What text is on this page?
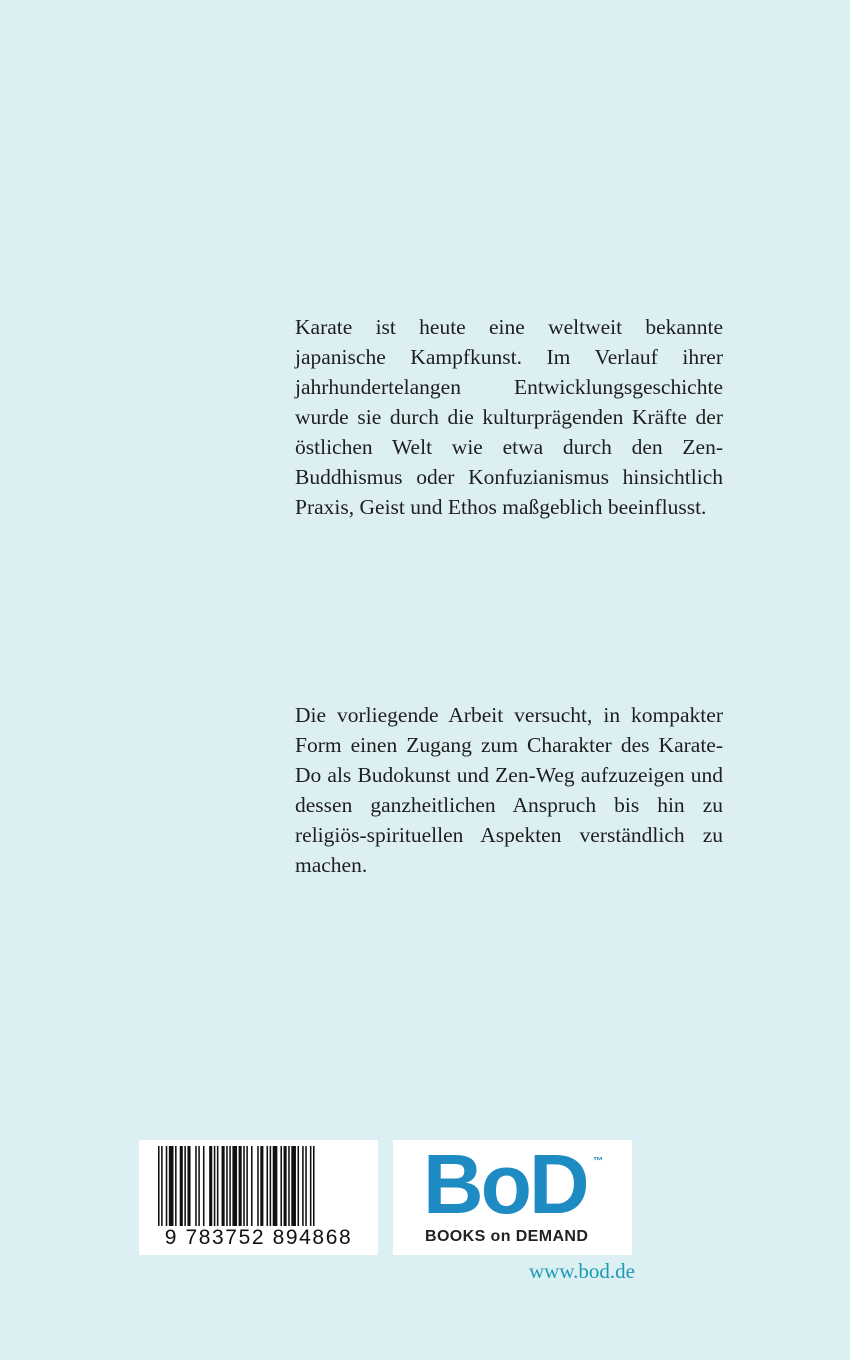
Karate ist heute eine weltweit bekannte japanische Kampfkunst. Im Verlauf ihrer jahrhundertelangen Entwicklungsgeschichte wurde sie durch die kulturprägenden Kräfte der östlichen Welt wie etwa durch den Zen-Buddhismus oder Konfuzianismus hinsichtlich Praxis, Geist und Ethos maßgeblich beeinflusst.

Die vorliegende Arbeit versucht, in kompakter Form einen Zugang zum Charakter des Karate-Do als Budokunst und Zen-Weg aufzuzeigen und dessen ganzheitlichen Anspruch bis hin zu religiös-spirituellen Aspekten verständlich zu machen.

9 783752 894868
BoD ™
BOOKS on DEMAND
www.bod.de
